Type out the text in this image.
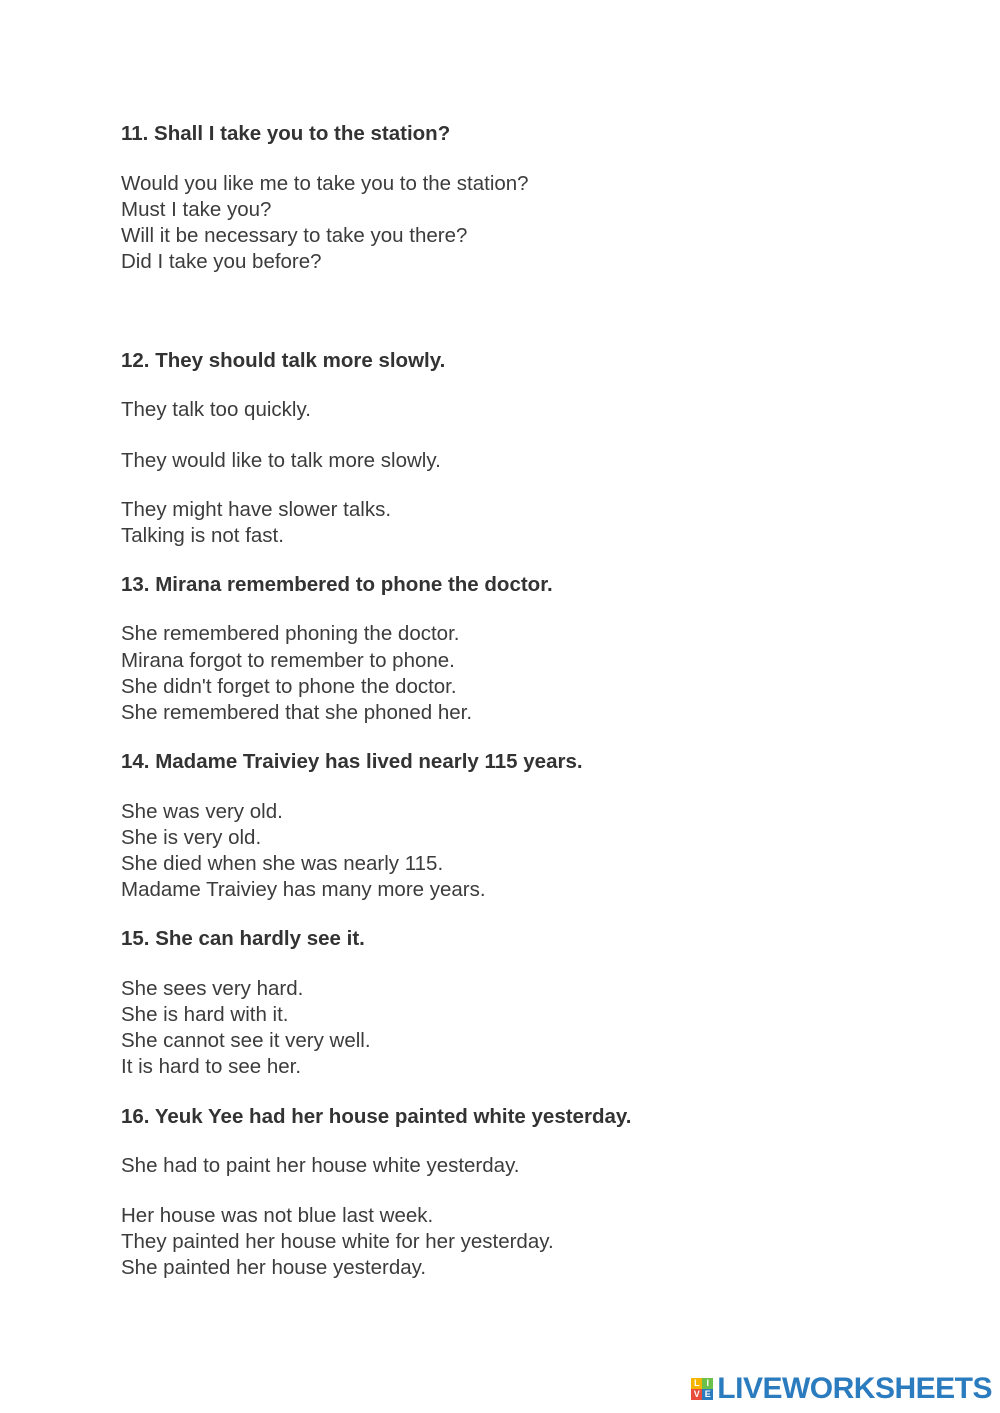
11. Shall I take you to the station?

Would you like me to take you to the station?

Must I take you?

Will it be necessary to take you there?

Did I take you before?

12. They should talk more slowly.

They talk too quickly.

They would like to talk more slowly.

They might have slower talks.

Talking is not fast.

13. Mirana remembered to phone the doctor.

She remembered phoning the doctor.

Mirana forgot to remember to phone.

She didn't forget to phone the doctor.

She remembered that she phoned her.

14. Madame Traiviey has lived nearly 115 years.

She was very old.

She is very old.

She died when she was nearly 115.

Madame Traiviey has many more years.

15. She can hardly see it.

She sees very hard.

She is hard with it.

She cannot see it very well.

It is hard to see her.

16. Yeuk Yee had her house painted white yesterday.

She had to paint her house white yesterday.

Her house was not blue last week.

They painted her house white for her yesterday.

She painted her house yesterday.

L I
V E LIVEWORKSHEETS
